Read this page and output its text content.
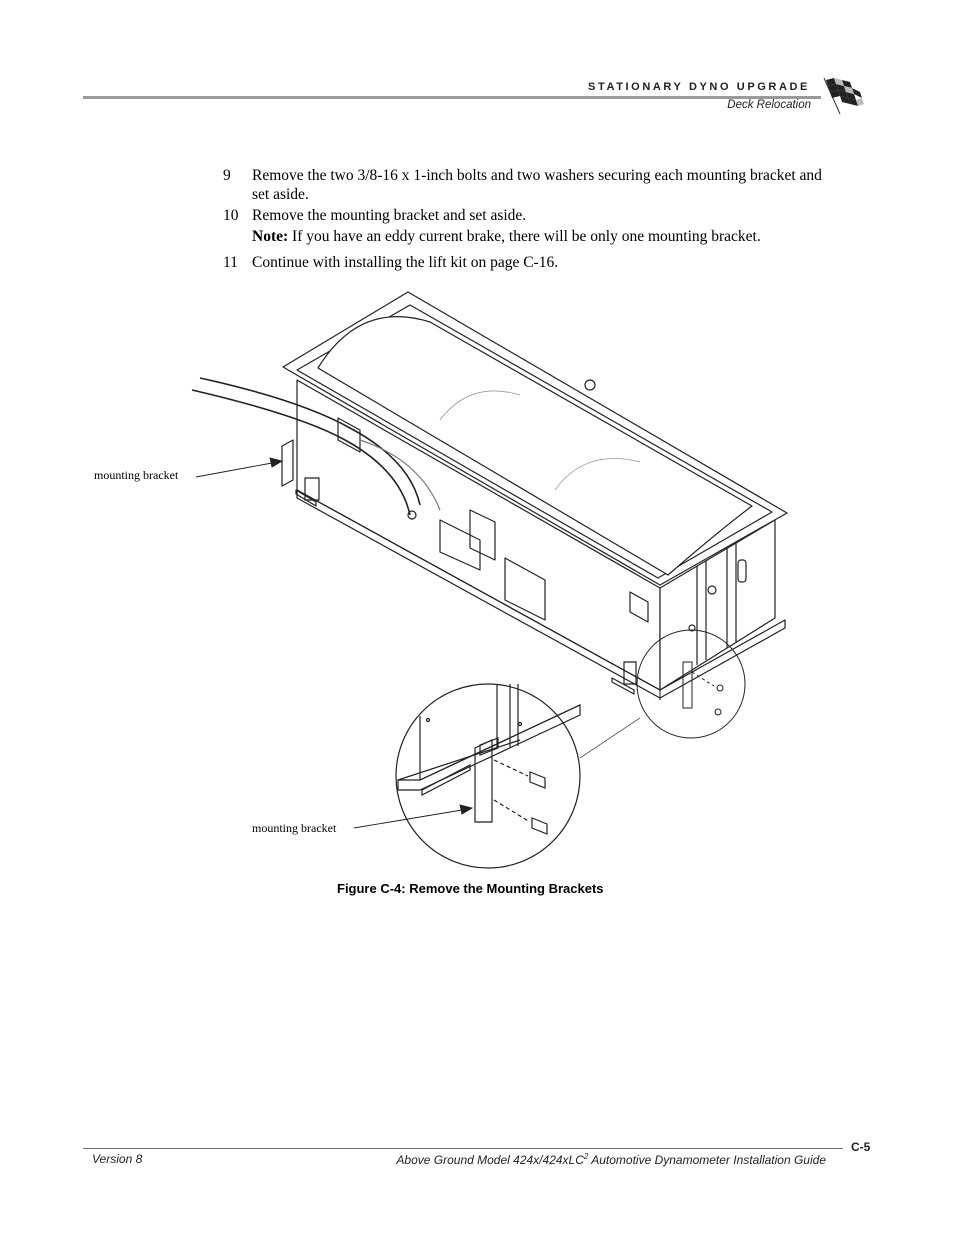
STATIONARY DYNO UPGRADE
Deck Relocation
9 Remove the two 3/8-16 x 1-inch bolts and two washers securing each mounting bracket and set aside.
10 Remove the mounting bracket and set aside.
Note: If you have an eddy current brake, there will be only one mounting bracket.
11 Continue with installing the lift kit on page C-16.
mounting bracket
mounting bracket
Figure C-4: Remove the Mounting Brackets
Version 8	Above Ground Model 424x/424xLC$^2$ Automotive Dynamometer Installation Guide
C-5
